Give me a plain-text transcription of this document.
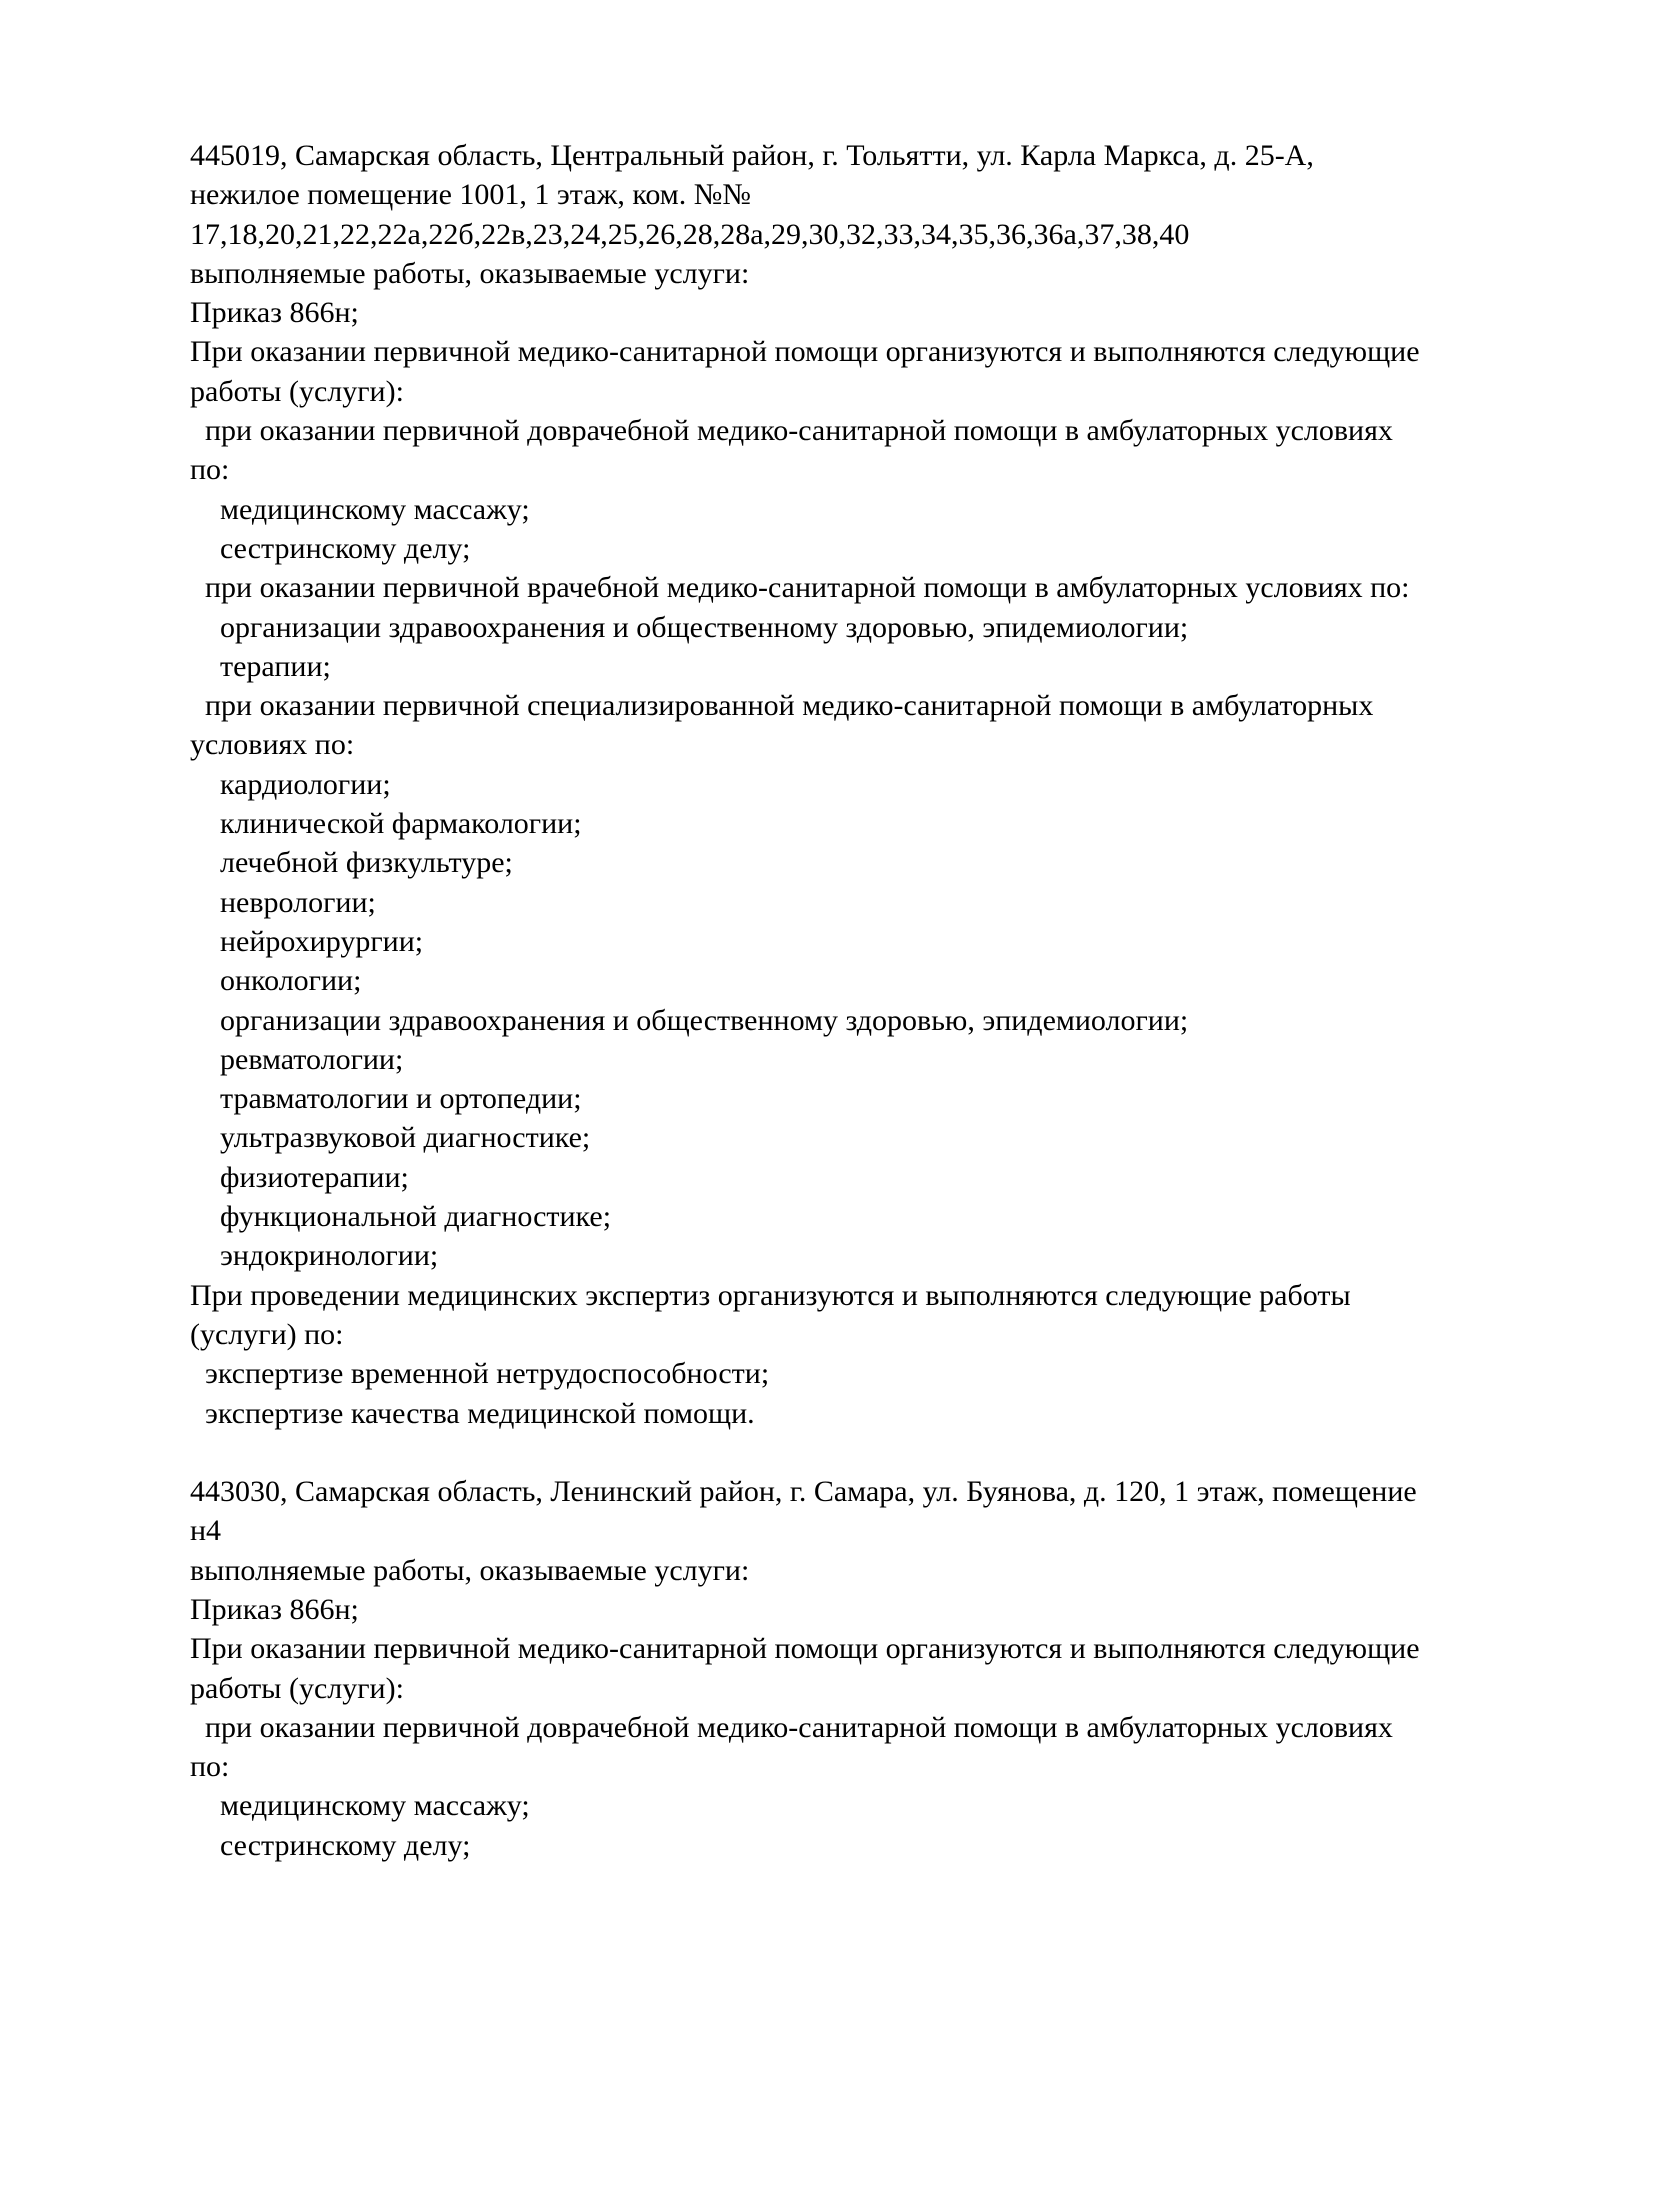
445019, Самарская область, Центральный район, г. Тольятти, ул. Карла Маркса, д. 25-А,
нежилое помещение 1001, 1 этаж, ком. №№
17,18,20,21,22,22а,22б,22в,23,24,25,26,28,28а,29,30,32,33,34,35,36,36а,37,38,40
выполняемые работы, оказываемые услуги:
Приказ 866н;
При оказании первичной медико-санитарной помощи организуются и выполняются следующие
работы (услуги):
при оказании первичной доврачебной медико-санитарной помощи в амбулаторных условиях
по:
медицинскому массажу;
сестринскому делу;
при оказании первичной врачебной медико-санитарной помощи в амбулаторных условиях по:
организации здравоохранения и общественному здоровью, эпидемиологии;
терапии;
при оказании первичной специализированной медико-санитарной помощи в амбулаторных
условиях по:
кардиологии;
клинической фармакологии;
лечебной физкультуре;
неврологии;
нейрохирургии;
онкологии;
организации здравоохранения и общественному здоровью, эпидемиологии;
ревматологии;
травматологии и ортопедии;
ультразвуковой диагностике;
физиотерапии;
функциональной диагностике;
эндокринологии;
При проведении медицинских экспертиз организуются и выполняются следующие работы
(услуги) по:
экспертизе временной нетрудоспособности;
экспертизе качества медицинской помощи.
443030, Самарская область, Ленинский район, г. Самара, ул. Буянова, д. 120, 1 этаж, помещение
н4
выполняемые работы, оказываемые услуги:
Приказ 866н;
При оказании первичной медико-санитарной помощи организуются и выполняются следующие
работы (услуги):
при оказании первичной доврачебной медико-санитарной помощи в амбулаторных условиях
по:
медицинскому массажу;
сестринскому делу;
